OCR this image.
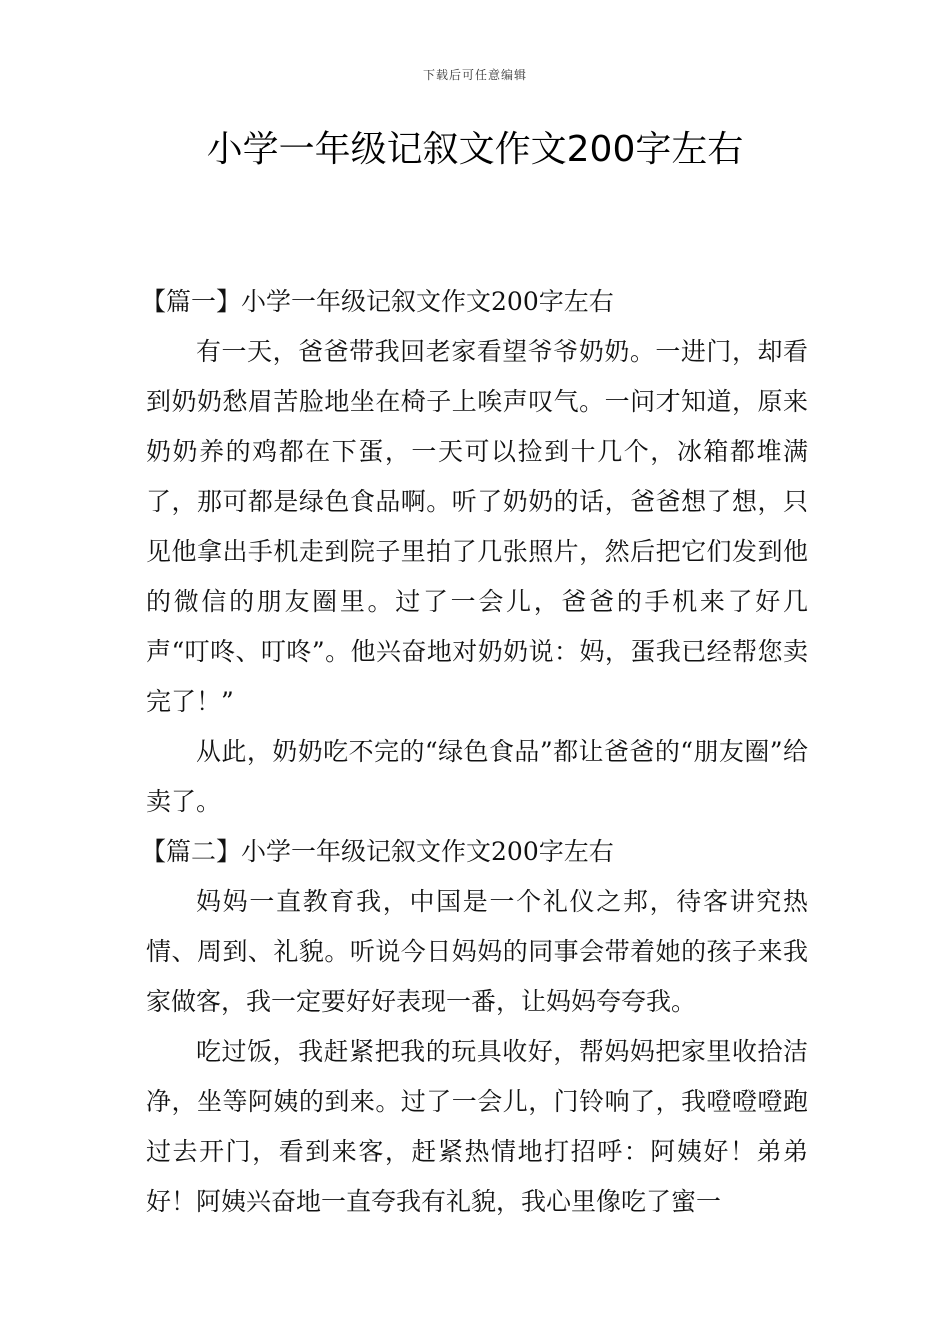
下载后可任意编辑
小学一年级记叙文作文200字左右
【篇一】小学一年级记叙文作文200字左右

有一天，爸爸带我回老家看望爷爷奶奶。一进门，却看到奶奶愁眉苦脸地坐在椅子上唉声叹气。一问才知道，原来奶奶养的鸡都在下蛋，一天可以捡到十几个，冰箱都堆满了，那可都是绿色食品啊。听了奶奶的话，爸爸想了想，只见他拿出手机走到院子里拍了几张照片，然后把它们发到他的微信的朋友圈里。过了一会儿，爸爸的手机来了好几声“叮咚、叮咚”。他兴奋地对奶奶说：妈，蛋我已经帮您卖完了！”

从此，奶奶吃不完的“绿色食品”都让爸爸的“朋友圈”给卖了。

【篇二】小学一年级记叙文作文200字左右

妈妈一直教育我，中国是一个礼仪之邦，待客讲究热情、周到、礼貌。听说今日妈妈的同事会带着她的孩子来我家做客，我一定要好好表现一番，让妈妈夸夸我。

吃过饭，我赶紧把我的玩具收好，帮妈妈把家里收拾洁净，坐等阿姨的到来。过了一会儿，门铃响了，我噔噔噔跑过去开门，看到来客，赶紧热情地打招呼：阿姨好！弟弟好！阿姨兴奋地一直夸我有礼貌，我心里像吃了蜜一
